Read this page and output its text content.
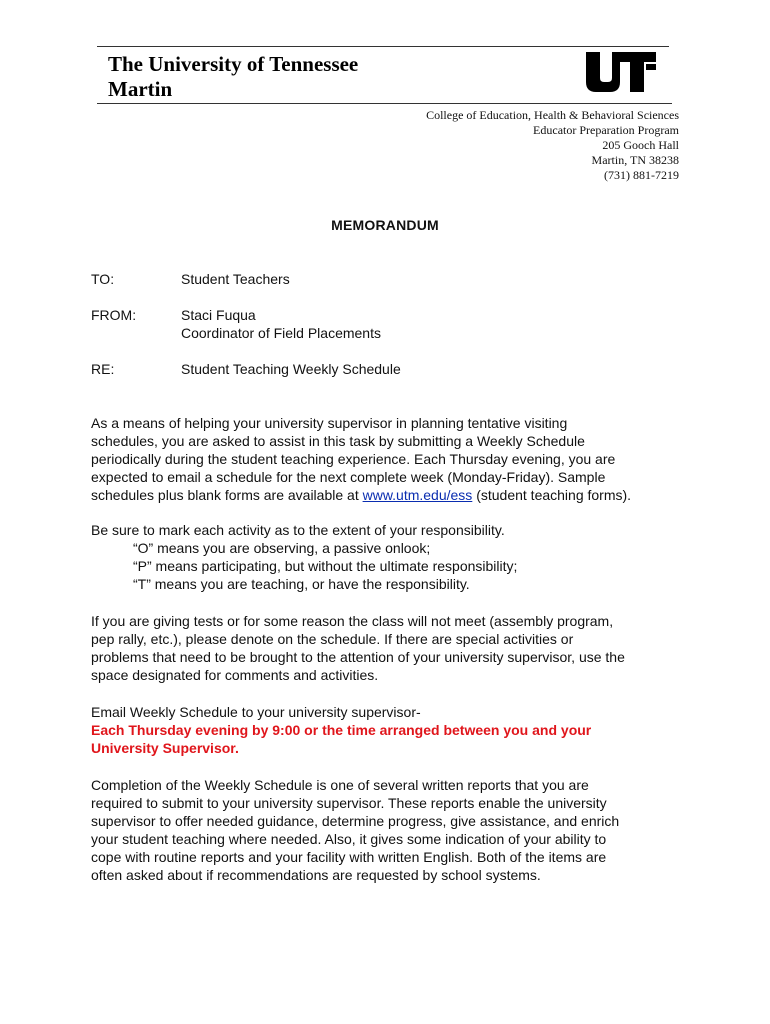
The University of Tennessee
Martin
College of Education, Health & Behavioral Sciences
Educator Preparation Program
205 Gooch Hall
Martin, TN 38238
(731) 881-7219
MEMORANDUM
TO:	Student Teachers
FROM:	Staci Fuqua
Coordinator of Field Placements
RE:	Student Teaching Weekly Schedule
As a means of helping your university supervisor in planning tentative visiting
schedules, you are asked to assist in this task by submitting a Weekly Schedule
periodically during the student teaching experience. Each Thursday evening, you are
expected to email a schedule for the next complete week (Monday-Friday). Sample
schedules plus blank forms are available at www.utm.edu/ess (student teaching forms).
Be sure to mark each activity as to the extent of your responsibility.
“O” means you are observing, a passive onlook;
“P” means participating, but without the ultimate responsibility;
“T” means you are teaching, or have the responsibility.
If you are giving tests or for some reason the class will not meet (assembly program,
pep rally, etc.), please denote on the schedule. If there are special activities or
problems that need to be brought to the attention of your university supervisor, use the
space designated for comments and activities.
Email Weekly Schedule to your university supervisor-
Each Thursday evening by 9:00 or the time arranged between you and your
University Supervisor.
Completion of the Weekly Schedule is one of several written reports that you are
required to submit to your university supervisor. These reports enable the university
supervisor to offer needed guidance, determine progress, give assistance, and enrich
your student teaching where needed. Also, it gives some indication of your ability to
cope with routine reports and your facility with written English. Both of the items are
often asked about if recommendations are requested by school systems.
